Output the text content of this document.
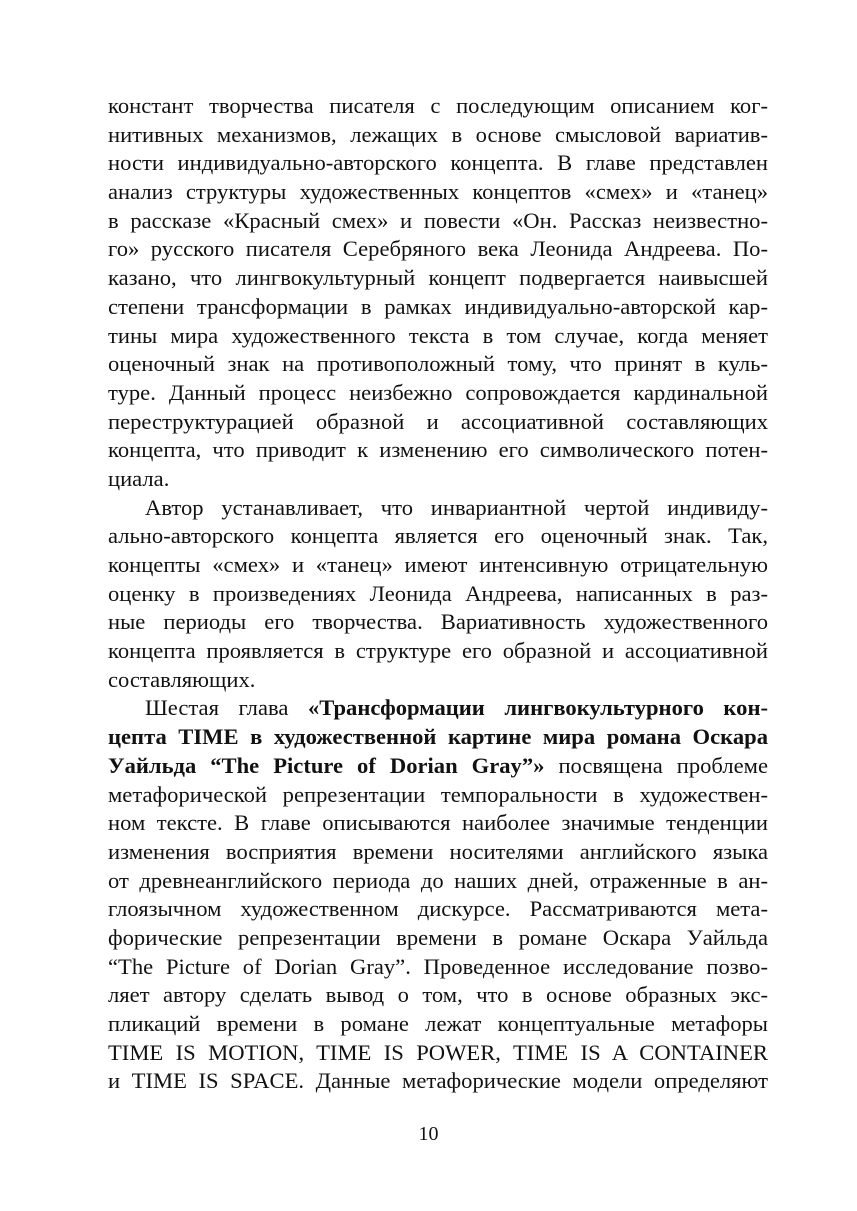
констант творчества писателя с последующим описанием ког-
нитивных механизмов, лежащих в основе смысловой вариатив-
ности индивидуально-авторского концепта. В главе представлен
анализ структуры художественных концептов «смех» и «танец»
в рассказе «Красный смех» и повести «Он. Рассказ неизвестно-
го» русского писателя Серебряного века Леонида Андреева. По-
казано, что лингвокультурный концепт подвергается наивысшей
степени трансформации в рамках индивидуально-авторской кар-
тины мира художественного текста в том случае, когда меняет
оценочный знак на противоположный тому, что принят в куль-
туре. Данный процесс неизбежно сопровождается кардинальной
переструктурацией образной и ассоциативной составляющих
концепта, что приводит к изменению его символического потен-
циала.
Автор устанавливает, что инвариантной чертой индивиду-
ально-авторского концепта является его оценочный знак. Так,
концепты «смех» и «танец» имеют интенсивную отрицательную
оценку в произведениях Леонида Андреева, написанных в раз-
ные периоды его творчества. Вариативность художественного
концепта проявляется в структуре его образной и ассоциативной
составляющих.
Шестая глава «Трансформации лингвокультурного кон-
цепта TIME в художественной картине мира романа Оскара
Уайльда “The Picture of Dorian Gray”» посвящена проблеме
метафорической репрезентации темпоральности в художествен-
ном тексте. В главе описываются наиболее значимые тенденции
изменения восприятия времени носителями английского языка
от древнеанглийского периода до наших дней, отраженные в ан-
глоязычном художественном дискурсе. Рассматриваются мета-
форические репрезентации времени в романе Оскара Уайльда
“The Picture of Dorian Gray”. Проведенное исследование позво-
ляет автору сделать вывод о том, что в основе образных экс-
пликаций времени в романе лежат концептуальные метафоры
TIME IS MOTION, TIME IS POWER, TIME IS A CONTAINER
и TIME IS SPACE. Данные метафорические модели определяют
10
